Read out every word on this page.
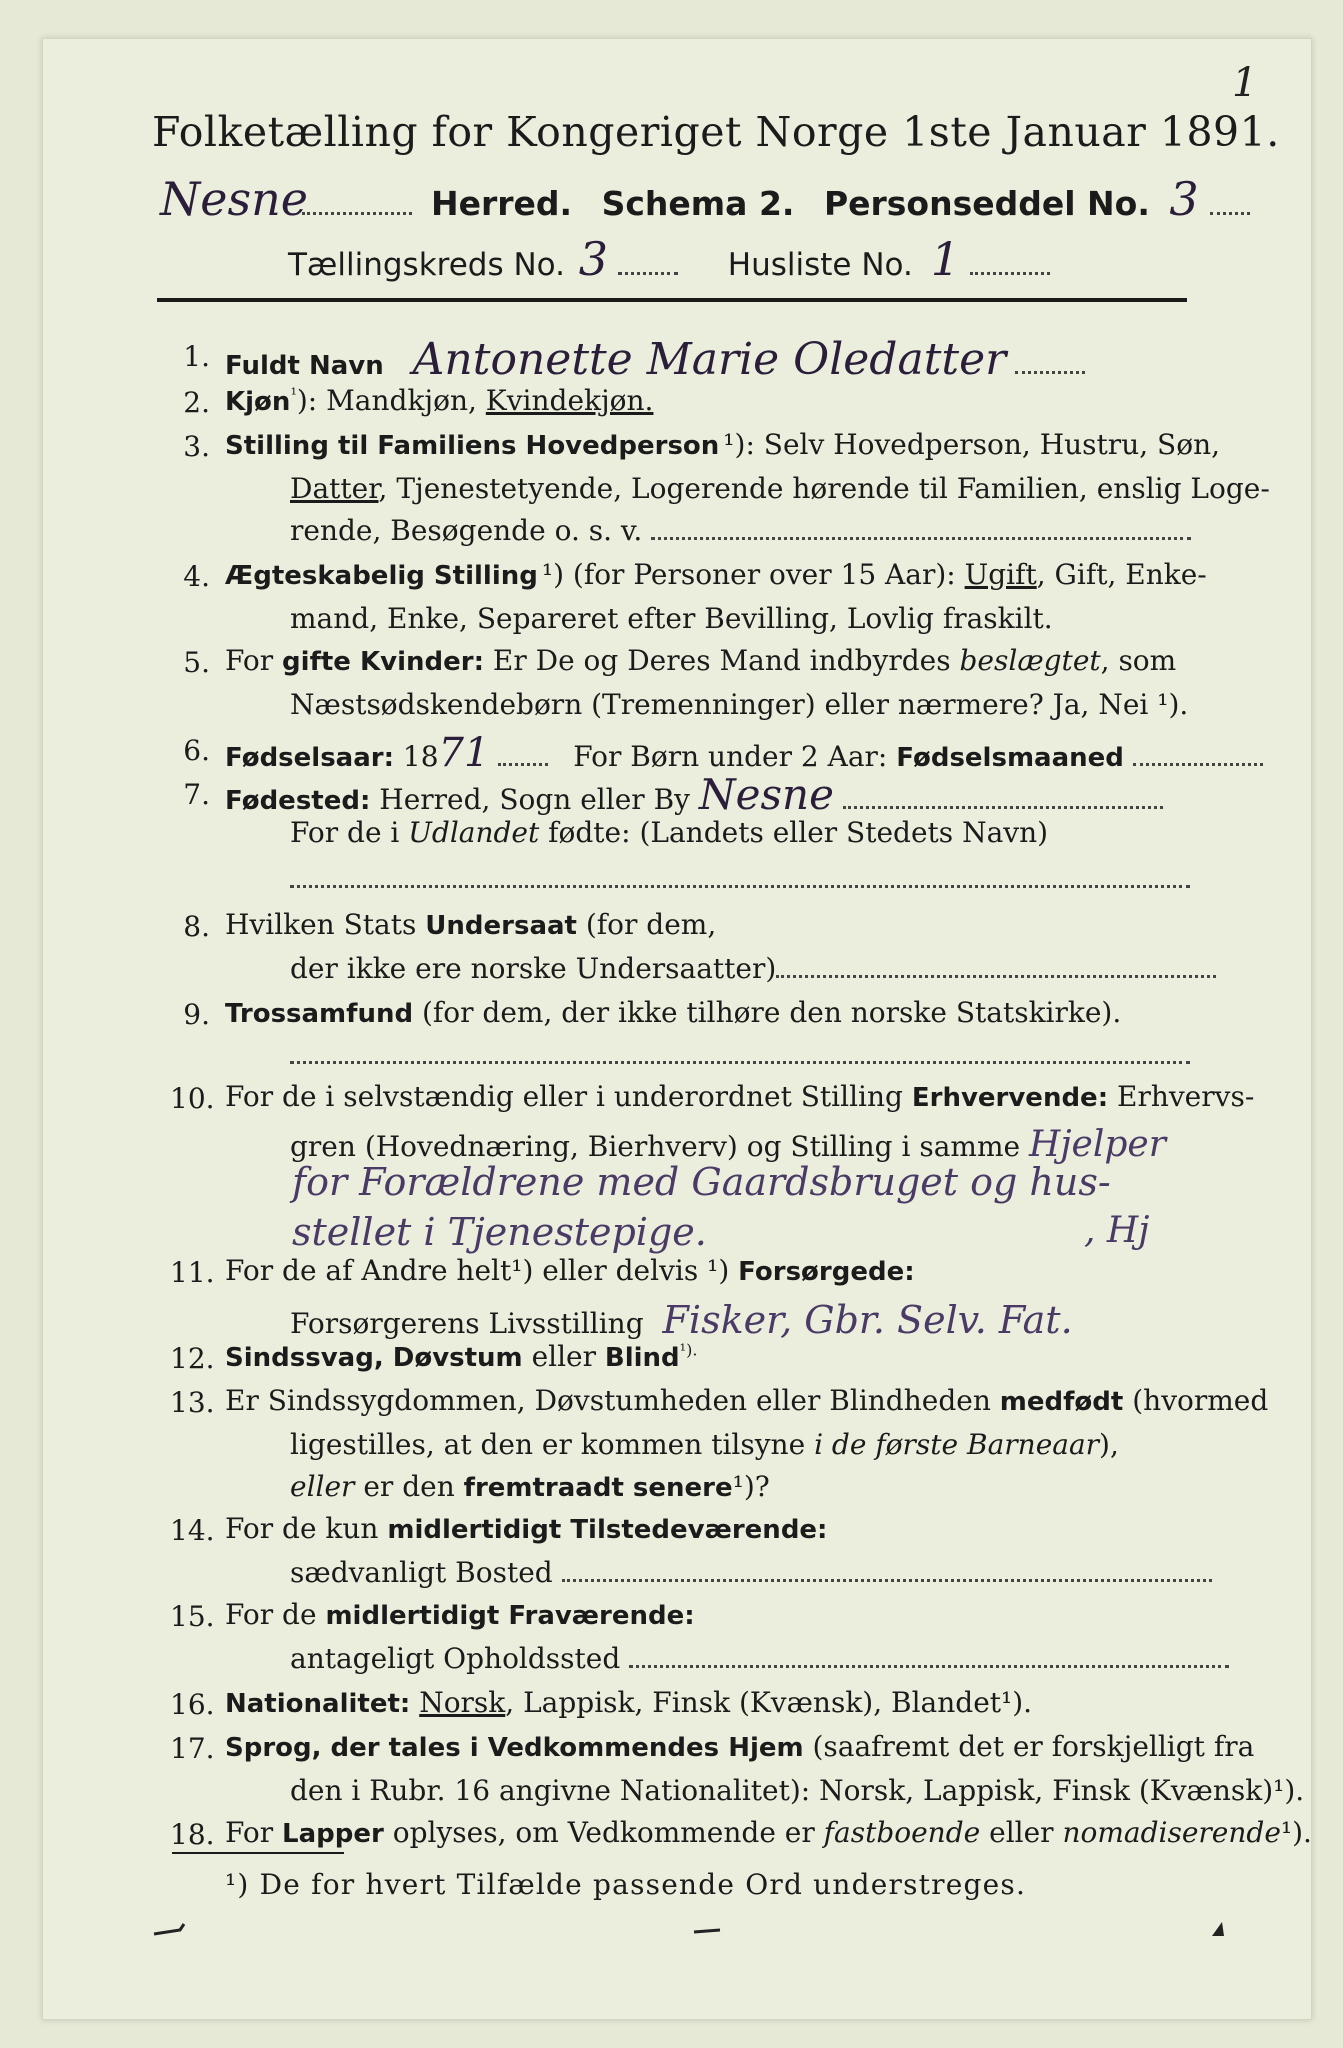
1
Folketælling for Kongeriget Norge 1ste Januar 1891.
Nesne	Herred. Schema 2. Personseddel No. 3
Tællingskreds No. 3	Husliste No. 1
1. Fuldt Navn Antonette Marie Oledatter
2. Kjøn$^{^1}$): Mandkjøn, Kvindekjøn.
3. Stilling til Familiens Hovedperson ¹): Selv Hovedperson, Hustru, Søn,
Datter, Tjenestetyende, Logerende hørende til Familien, enslig Loge-
rende, Besøgende o. s. v.
4. Ægteskabelig Stilling ¹) (for Personer over 15 Aar): Ugift, Gift, Enke-
mand, Enke, Separeret efter Bevilling, Lovlig fraskilt.
5. For gifte Kvinder: Er De og Deres Mand indbyrdes beslægtet, som
Næstsødskendebørn (Tremenninger) eller nærmere? Ja, Nei ¹).
6. Fødselsaar: 1871	For Børn under 2 Aar: Fødselsmaaned
7. Fødested: Herred, Sogn eller By Nesne
For de i Udlandet fødte: (Landets eller Stedets Navn)
8. Hvilken Stats Undersaat (for dem,
der ikke ere norske Undersaatter)
9. Trossamfund (for dem, der ikke tilhøre den norske Statskirke).
10. For de i selvstændig eller i underordnet Stilling Erhvervende: Erhvervs-
gren (Hovednæring, Bierhverv) og Stilling i samme Hjelper
for Forældrene med Gaardsbruget og hus-
stellet i Tjenestepige.	, Hj
11. For de af Andre helt¹) eller delvis ¹) Forsørgede:
Forsørgerens Livsstilling Fisker, Gbr. Selv. Fat.
12. Sindssvag, Døvstum eller Blind$^{^1).}$
13. Er Sindssygdommen, Døvstumheden eller Blindheden medfødt (hvormed
ligestilles, at den er kommen tilsyne i de første Barneaar),
eller er den fremtraadt senere¹)?
14. For de kun midlertidigt Tilstedeværende:
sædvanligt Bosted
15. For de midlertidigt Fraværende:
antageligt Opholdssted
16. Nationalitet: Norsk, Lappisk, Finsk (Kvænsk), Blandet¹).
17. Sprog, der tales i Vedkommendes Hjem (saafremt det er forskjelligt fra
den i Rubr. 16 angivne Nationalitet): Norsk, Lappisk, Finsk (Kvænsk)¹).
18. For Lapper oplyses, om Vedkommende er fastboende eller nomadiserende¹).
¹) De for hvert Tilfælde passende Ord understreges.
